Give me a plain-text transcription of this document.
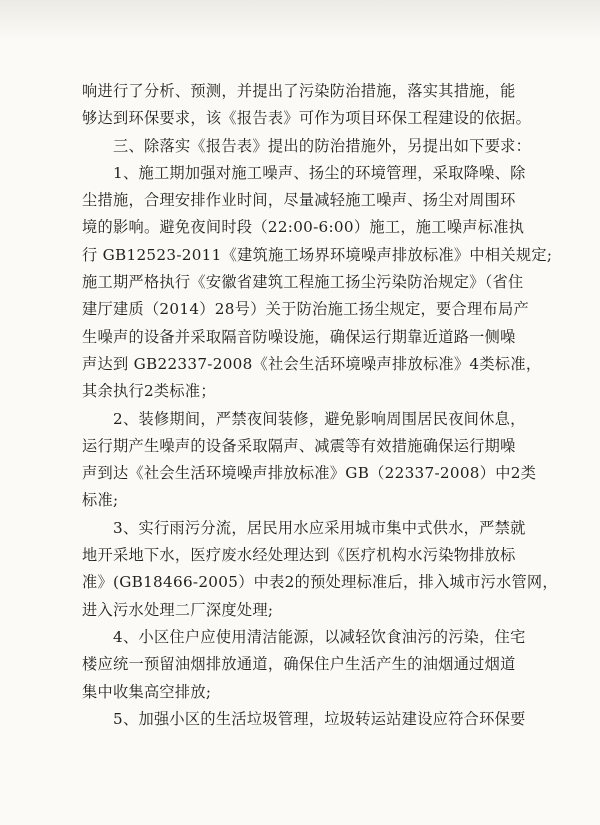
响进行了分析、预测，并提出了污染防治措施，落实其措施，能
够达到环保要求，该《报告表》可作为项目环保工程建设的依据。
三、除落实《报告表》提出的防治措施外，另提出如下要求：
1、施工期加强对施工噪声、扬尘的环境管理，采取降噪、除
尘措施，合理安排作业时间，尽量减轻施工噪声、扬尘对周围环
境的影响。避免夜间时段（22:00-6:00）施工，施工噪声标准执
行 GB12523-2011《建筑施工场界环境噪声排放标准》中相关规定;
施工期严格执行《安徽省建筑工程施工扬尘污染防治规定》（省住
建厅建质（2014）28号）关于防治施工扬尘规定，要合理布局产
生噪声的设备并采取隔音防噪设施，确保运行期靠近道路一侧噪
声达到 GB22337-2008《社会生活环境噪声排放标准》4类标准，
其余执行2类标准；
2、装修期间，严禁夜间装修，避免影响周围居民夜间休息，
运行期产生噪声的设备采取隔声、减震等有效措施确保运行期噪
声到达《社会生活环境噪声排放标准》GB（22337-2008）中2类
标准;
3、实行雨污分流，居民用水应采用城市集中式供水，严禁就
地开采地下水，医疗废水经处理达到《医疗机构水污染物排放标
准》(GB18466-2005）中表2的预处理标准后，排入城市污水管网，
进入污水处理二厂深度处理;
4、小区住户应使用清洁能源，以减轻饮食油污的污染，住宅
楼应统一预留油烟排放通道，确保住户生活产生的油烟通过烟道
集中收集高空排放;
5、加强小区的生活垃圾管理，垃圾转运站建设应符合环保要
